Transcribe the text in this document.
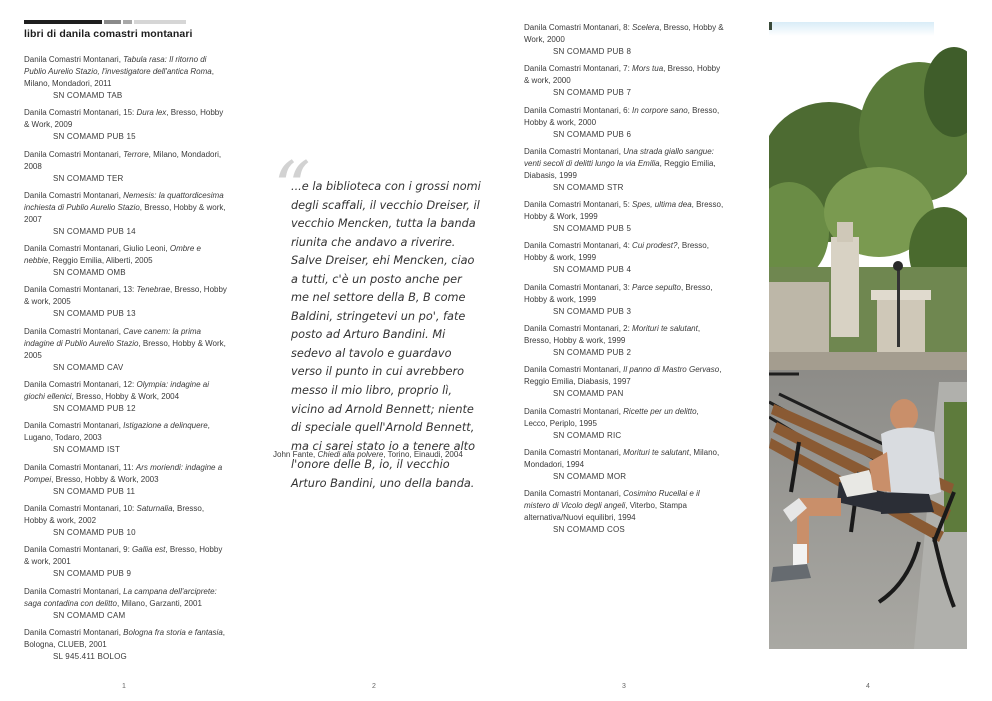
libri di danila comastri montanari
Danila Comastri Montanari, Tabula rasa: Il ritorno di Publio Aurelio Stazio, l'investigatore dell'antica Roma, Milano, Mondadori, 2011
SN COMAMD TAB
Danila Comastri Montanari, 15: Dura lex, Bresso, Hobby & Work, 2009
SN COMAMD PUB 15
Danila Comastri Montanari, Terrore, Milano, Mondadori, 2008
SN COMAMD TER
Danila Comastri Montanari, Nemesis: la quattordicesima inchiesta di Publio Aurelio Stazio, Bresso, Hobby & work, 2007
SN COMAMD PUB 14
Danila Comastri Montanari, Giulio Leoni, Ombre e nebbie, Reggio Emilia, Aliberti, 2005
SN COMAMD OMB
Danila Comastri Montanari, 13: Tenebrae, Bresso, Hobby & work, 2005
SN COMAMD PUB 13
Danila Comastri Montanari, Cave canem: la prima indagine di Publio Aurelio Stazio, Bresso, Hobby & Work, 2005
SN COMAMD CAV
Danila Comastri Montanari, 12: Olympia: indagine ai giochi ellenici, Bresso, Hobby & Work, 2004
SN COMAMD PUB 12
Danila Comastri Montanari, Istigazione a delinquere, Lugano, Todaro, 2003
SN COMAMD IST
Danila Comastri Montanari, 11: Ars moriendi: indagine a Pompei, Bresso, Hobby & Work, 2003
SN COMAMD PUB 11
Danila Comastri Montanari, 10: Saturnalia, Bresso, Hobby & work, 2002
SN COMAMD PUB 10
Danila Comastri Montanari, 9: Gallia est, Bresso, Hobby & work, 2001
SN COMAMD PUB 9
Danila Comastri Montanari, La campana dell'arciprete: saga contadina con delitto, Milano, Garzanti, 2001
SN COMAMD CAM
Danila Comastri Montanari, Bologna fra storia e fantasia, Bologna, CLUEB, 2001
SL 945.411 BOLOG
“
...e la biblioteca con i grossi nomi degli scaffali, il vecchio Dreiser, il vecchio Mencken, tutta la banda riunita che andavo a riverire. Salve Dreiser, ehi Mencken, ciao a tutti, c'è un posto anche per me nel settore della B, B come Baldini, stringetevi un po', fate posto ad Arturo Bandini. Mi sedevo al tavolo e guardavo verso il punto in cui avrebbero messo il mio libro, proprio lì, vicino ad Arnold Bennett; niente di speciale quell'Arnold Bennett, ma ci sarei stato io a tenere alto l'onore delle B, io, il vecchio Arturo Bandini, uno della banda.
John Fante, Chiedi alla polvere, Torino, Einaudi, 2004
Danila Comastri Montanari, 8: Scelera, Bresso, Hobby & Work, 2000
SN COMAMD PUB 8
Danila Comastri Montanari, 7: Mors tua, Bresso, Hobby & work, 2000
SN COMAMD PUB 7
Danila Comastri Montanari, 6: In corpore sano, Bresso, Hobby & work, 2000
SN COMAMD PUB 6
Danila Comastri Montanari, Una strada giallo sangue: venti secoli di delitti lungo la via Emilia, Reggio Emilia, Diabasis, 1999
SN COMAMD STR
Danila Comastri Montanari, 5: Spes, ultima dea, Bresso, Hobby & Work, 1999
SN COMAMD PUB 5
Danila Comastri Montanari, 4: Cui prodest?, Bresso, Hobby & work, 1999
SN COMAMD PUB 4
Danila Comastri Montanari, 3: Parce sepulto, Bresso, Hobby & work, 1999
SN COMAMD PUB 3
Danila Comastri Montanari, 2: Morituri te salutant, Bresso, Hobby & work, 1999
SN COMAMD PUB 2
Danila Comastri Montanari, Il panno di Mastro Gervaso, Reggio Emilia, Diabasis, 1997
SN COMAMD PAN
Danila Comastri Montanari, Ricette per un delitto, Lecco, Periplo, 1995
SN COMAMD RIC
Danila Comastri Montanari, Morituri te salutant, Milano, Mondadori, 1994
SN COMAMD MOR
Danila Comastri Montanari, Cosimino Rucellai e il mistero di Vicolo degli angeli, Viterbo, Stampa alternativa/Nuovi equilibri, 1994
SN COMAMD COS
1	2	3	4
